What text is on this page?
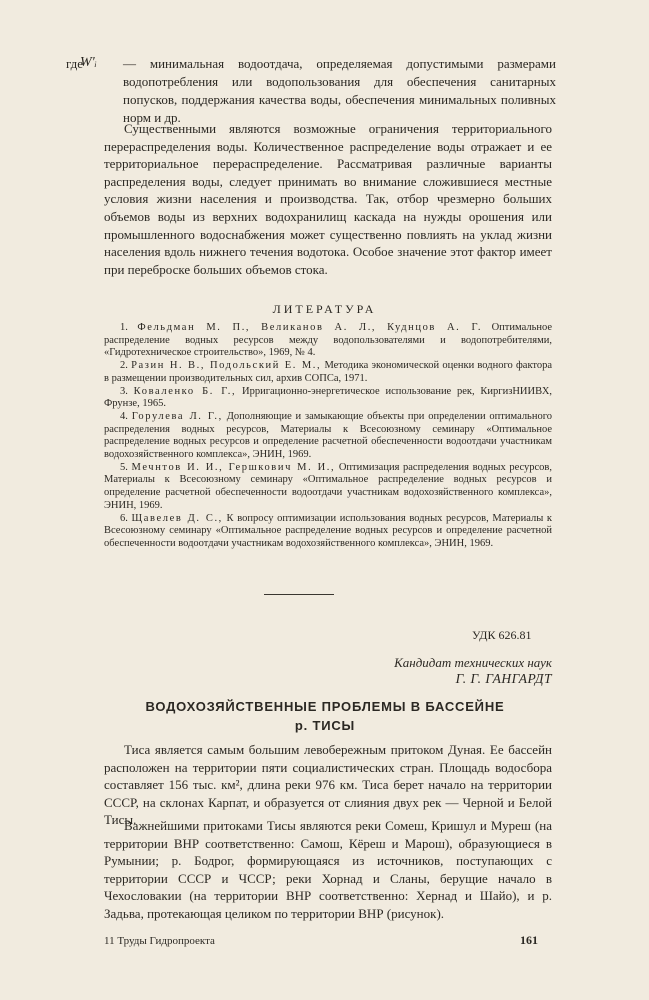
где
W'ᵢ — минимальная водоотдача, определяемая допустимыми размерами водопотребления или водопользования для обеспечения санитарных попусков, поддержания качества воды, обеспечения минимальных поливных норм и др.
Существенными являются возможные ограничения территориального перераспределения воды. Количественное распределение воды отражает и ее территориальное перераспределение. Рассматривая различные варианты распределения воды, следует принимать во внимание сложившиеся местные условия жизни населения и производства. Так, отбор чрезмерно больших объемов воды из верхних водохранилищ каскада на нужды орошения или промышленного водоснабжения может существенно повлиять на уклад жизни населения вдоль нижнего течения водотока. Особое значение этот фактор имеет при переброске больших объемов стока.
ЛИТЕРАТУРА
1. Фельдман М. П., Великанов А. Л., Куднцов А. Г. Оптимальное распределение водных ресурсов между водопользователями и водопотребителями, «Гидротехническое строительство», 1969, № 4.
2. Разин Н. В., Подольский Е. М., Методика экономической оценки водного фактора в размещении производительных сил, архив СОПСа, 1971.
3. Коваленко Б. Г., Ирригационно-энергетическое использование рек, КиргизНИИВХ, Фрунзе, 1965.
4. Горулева Л. Г., Дополняющие и замыкающие объекты при определении оптимального распределения водных ресурсов, Материалы к Всесоюзному семинару «Оптимальное распределение водных ресурсов и определение расчетной обеспеченности водоотдачи участникам водохозяйственного комплекса», ЭНИН, 1969.
5. Мечнтов И. И., Гершкович М. И., Оптимизация распределения водных ресурсов, Материалы к Всесоюзному семинару «Оптимальное распределение водных ресурсов и определение расчетной обеспеченности водоотдачи участникам водохозяйственного комплекса», ЭНИН, 1969.
6. Щавелев Д. С., К вопросу оптимизации использования водных ресурсов, Материалы к Всесоюзному семинару «Оптимальное распределение водных ресурсов и определение расчетной обеспеченности водоотдачи участникам водохозяйственного комплекса», ЭНИН, 1969.
УДК 626.81
Кандидат технических наук
Г. Г. ГАНГАРДТ
ВОДОХОЗЯЙСТВЕННЫЕ ПРОБЛЕМЫ В БАССЕЙНЕ
р. ТИСЫ
Тиса является самым большим левобережным притоком Дуная. Ее бассейн расположен на территории пяти социалистических стран. Площадь водосбора составляет 156 тыс. км², длина реки 976 км. Тиса берет начало на территории СССР, на склонах Карпат, и образуется от слияния двух рек — Черной и Белой Тисы.
Важнейшими притоками Тисы являются реки Сомеш, Кришул и Муреш (на территории ВНР соответственно: Самош, Кёреш и Марош), образующиеся в Румынии; р. Бодрог, формирующаяся из источников, поступающих с территории СССР и ЧССР; реки Хорнад и Сланы, берущие начало в Чехословакии (на территории ВНР соответственно: Хернад и Шайо), и р. Задьва, протекающая целиком по территории ВНР (рисунок).
11 Труды Гидропроекта	161
